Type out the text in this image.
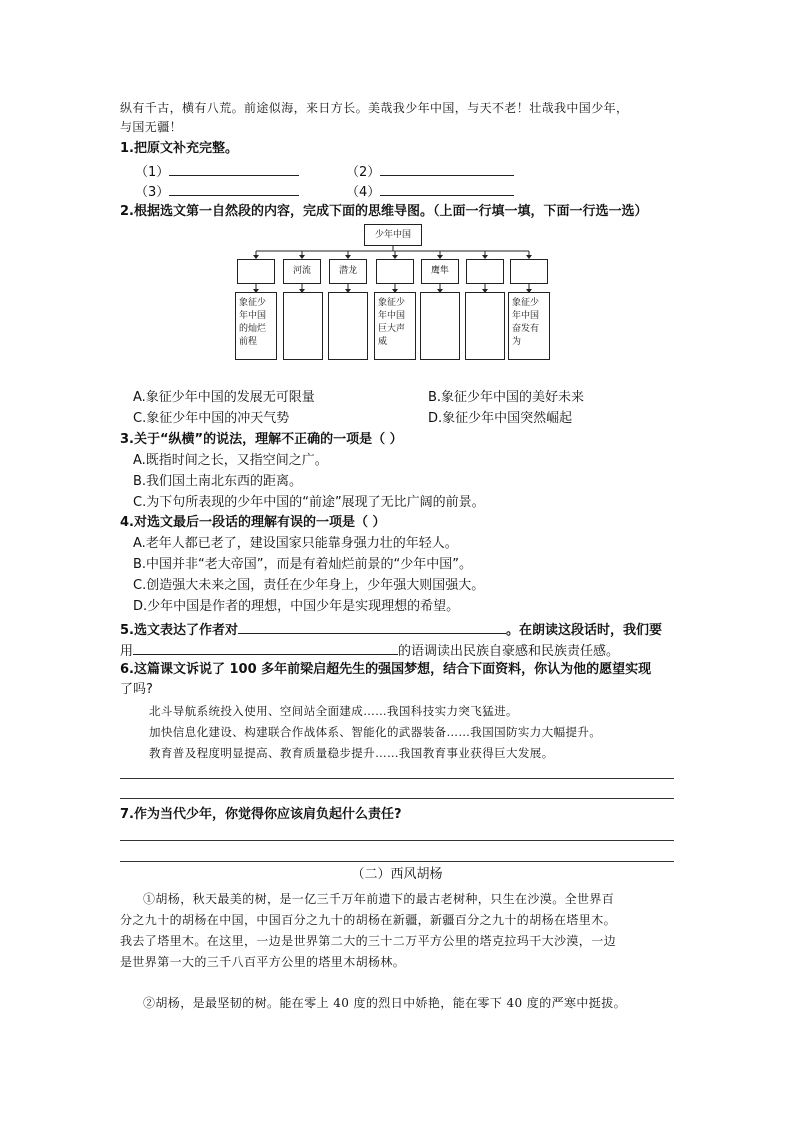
纵有千古，横有八荒。前途似海，来日方长。美哉我少年中国，与天不老！壮哉我中国少年，
与国无疆！
1.把原文补充完整。
（1）	（2）
（3）	（4）
2.根据选文第一自然段的内容，完成下面的思维导图。（上面一行填一填，下面一行选一选）
少年中国
河流	潜龙	鹰隼
象征少年中国的灿烂前程
象征少年中国巨大声威
象征少年中国奋发有为
A.象征少年中国的发展无可限量	B.象征少年中国的美好未来
C.象征少年中国的冲天气势	D.象征少年中国突然崛起
3.关于“纵横”的说法，理解不正确的一项是（ ）
A.既指时间之长，又指空间之广。
B.我们国土南北东西的距离。
C.为下句所表现的少年中国的“前途”展现了无比广阔的前景。
4.对选文最后一段话的理解有误的一项是（ ）
A.老年人都已老了，建设国家只能靠身强力壮的年轻人。
B.中国并非“老大帝国”，而是有着灿烂前景的“少年中国”。
C.创造强大未来之国，责任在少年身上，少年强大则国强大。
D.少年中国是作者的理想，中国少年是实现理想的希望。
5.选文表达了作者对	。在朗读这段话时，我们要
用	的语调读出民族自豪感和民族责任感。
6.这篇课文诉说了 100 多年前梁启超先生的强国梦想，结合下面资料，你认为他的愿望实现
了吗?
北斗导航系统投入使用、空间站全面建成……我国科技实力突飞猛进。
加快信息化建设、构建联合作战体系、智能化的武器装备……我国国防实力大幅提升。
教育普及程度明显提高、教育质量稳步提升……我国教育事业获得巨大发展。
7.作为当代少年，你觉得你应该肩负起什么责任?
（二）西风胡杨
①胡杨，秋天最美的树，是一亿三千万年前遗下的最古老树种，只生在沙漠。全世界百
分之九十的胡杨在中国，中国百分之九十的胡杨在新疆，新疆百分之九十的胡杨在塔里木。
我去了塔里木。在这里，一边是世界第二大的三十二万平方公里的塔克拉玛干大沙漠，一边
是世界第一大的三千八百平方公里的塔里木胡杨林。
②胡杨，是最坚韧的树。能在零上 40 度的烈日中娇艳，能在零下 40 度的严寒中挺拔。
